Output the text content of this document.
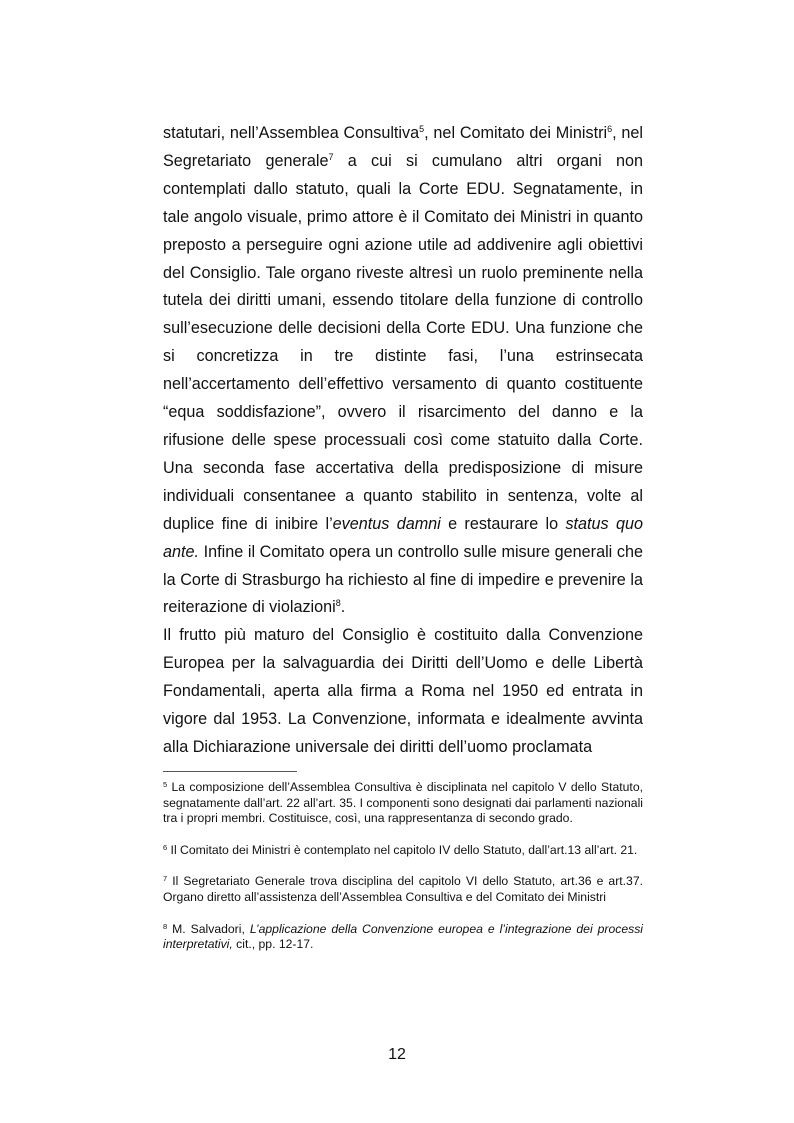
statutari, nell’Assemblea Consultiva$^5$, nel Comitato dei Ministri$^6$, nel Segretariato generale$^7$ a cui si cumulano altri organi non contemplati dallo statuto, quali la Corte EDU. Segnatamente, in tale angolo visuale, primo attore è il Comitato dei Ministri in quanto preposto a perseguire ogni azione utile ad addivenire agli obiettivi del Consiglio. Tale organo riveste altresì un ruolo preminente nella tutela dei diritti umani, essendo titolare della funzione di controllo sull’esecuzione delle decisioni della Corte EDU. Una funzione che si concretizza in tre distinte fasi, l’una estrinsecata nell’accertamento dell’effettivo versamento di quanto costituente “equa soddisfazione”, ovvero il risarcimento del danno e la rifusione delle spese processuali così come statuito dalla Corte. Una seconda fase accertativa della predisposizione di misure individuali consentanee a quanto stabilito in sentenza, volte al duplice fine di inibire l’eventus damni e restaurare lo status quo ante. Infine il Comitato opera un controllo sulle misure generali che la Corte di Strasburgo ha richiesto al fine di impedire e prevenire la reiterazione di violazioni$^8$.

Il frutto più maturo del Consiglio è costituito dalla Convenzione Europea per la salvaguardia dei Diritti dell’Uomo e delle Libertà Fondamentali, aperta alla firma a Roma nel 1950 ed entrata in vigore dal 1953. La Convenzione, informata e idealmente avvinta alla Dichiarazione universale dei diritti dell’uomo proclamata

$^5$ La composizione dell’Assemblea Consultiva è disciplinata nel capitolo V dello Statuto, segnatamente dall’art. 22 all’art. 35. I componenti sono designati dai parlamenti nazionali tra i propri membri. Costituisce, così, una rappresentanza di secondo grado.

$^6$ Il Comitato dei Ministri è contemplato nel capitolo IV dello Statuto, dall’art.13 all’art. 21.

$^7$ Il Segretariato Generale trova disciplina del capitolo VI dello Statuto, art.36 e art.37. Organo diretto all’assistenza dell’Assemblea Consultiva e del Comitato dei Ministri

$^8$ M. Salvadori, L’applicazione della Convenzione europea e l’integrazione dei processi interpretativi, cit., pp. 12-17.

12
